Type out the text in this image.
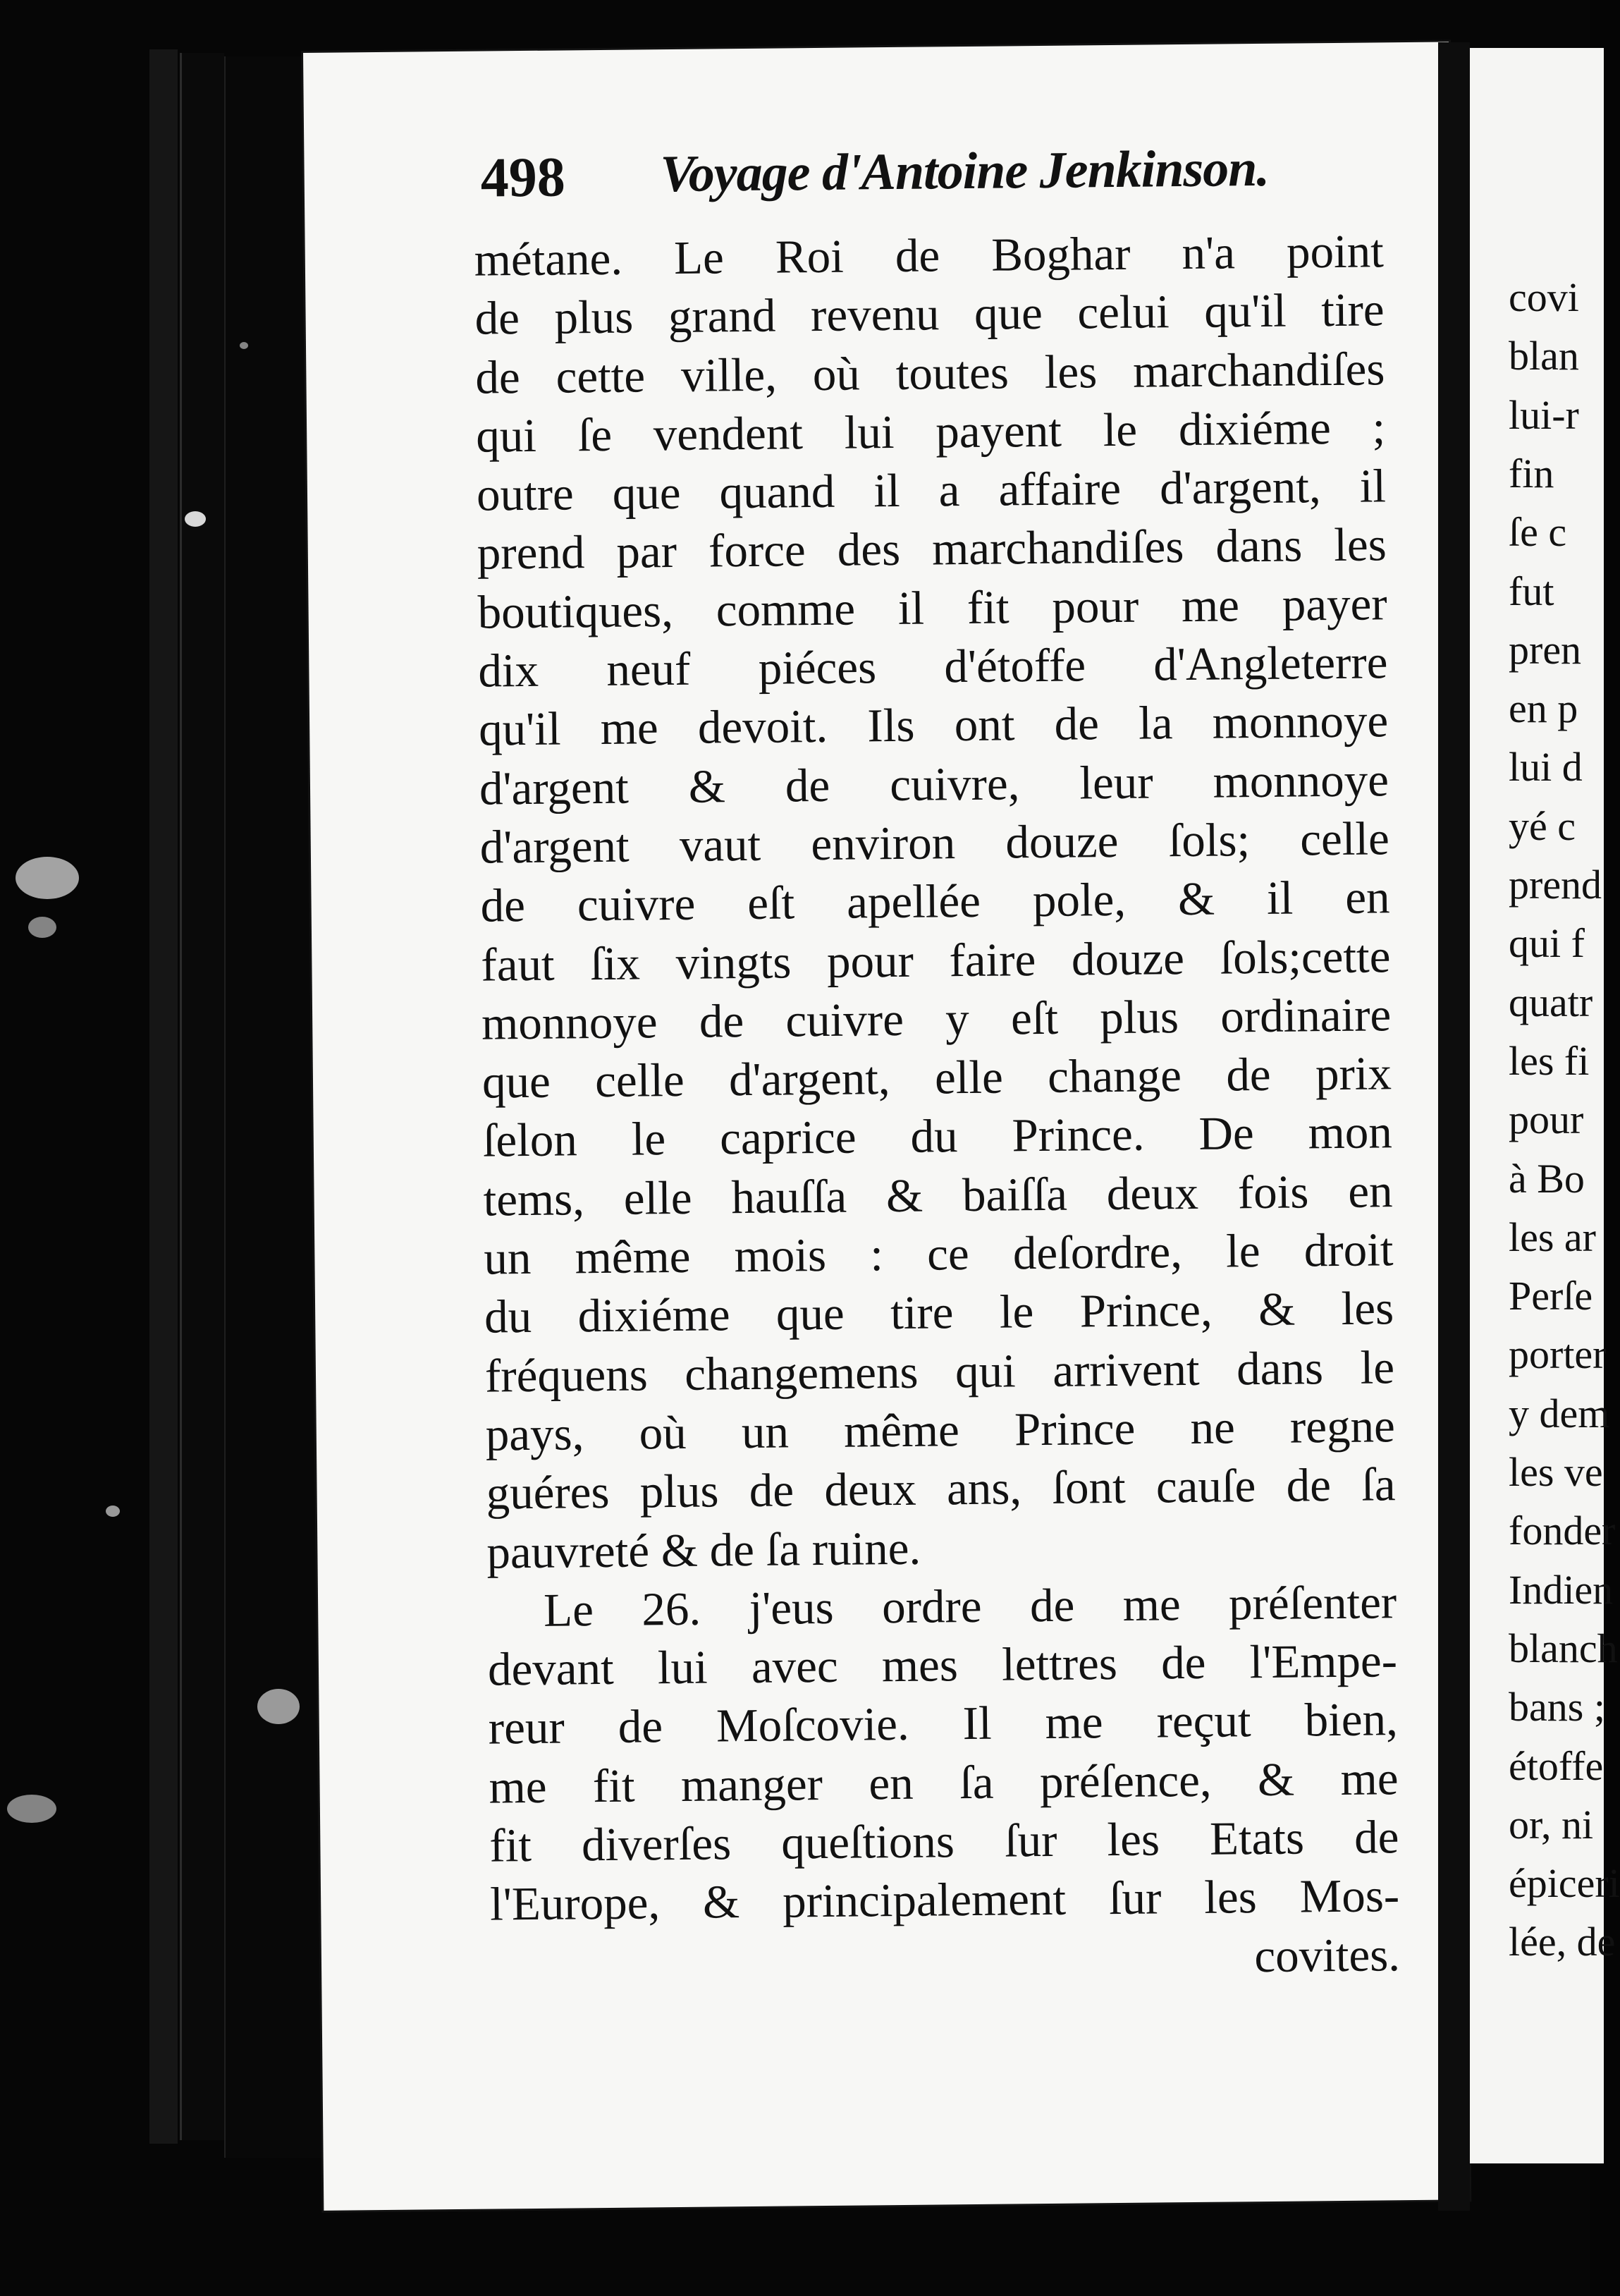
498 Voyage d'Antoine Jenkinson.
métane. Le Roi de Boghar n'a point
de plus grand revenu que celui qu'il tire
de cette ville, où toutes les marchandiſes
qui ſe vendent lui payent le dixiéme ;
outre que quand il a affaire d'argent, il
prend par force des marchandiſes dans les
boutiques, comme il fit pour me payer
dix neuf piéces d'étoffe d'Angleterre
qu'il me devoit. Ils ont de la monnoye
d'argent & de cuivre, leur monnoye
d'argent vaut environ douze ſols; celle
de cuivre eſt apellée pole, & il en
faut ſix vingts pour faire douze ſols;cette
monnoye de cuivre y eſt plus ordinaire
que celle d'argent, elle change de prix
ſelon le caprice du Prince. De mon
tems, elle hauſſa & baiſſa deux fois en
un même mois : ce deſordre, le droit
du dixiéme que tire le Prince, & les
fréquens changemens qui arrivent dans le
pays, où un même Prince ne regne
guéres plus de deux ans, ſont cauſe de ſa
pauvreté & de ſa ruine.
Le 26. j'eus ordre de me préſenter
devant lui avec mes lettres de l'Empe-
reur de Moſcovie. Il me reçut bien,
me fit manger en ſa préſence, & me
fit diverſes queſtions ſur les Etats de
l'Europe, & principalement ſur les Mos-
covites.
covi
blan
lui-r
fin
ſe c
fut
pren
en p
lui d
yé c
prend
qui f
quatr
les fi
pour
à Bo
les ar
Perſe
porter
y dem
les ve
fonder
Indien
blanch
bans ;
étoffe
or, ni
épiceri
lée, de
